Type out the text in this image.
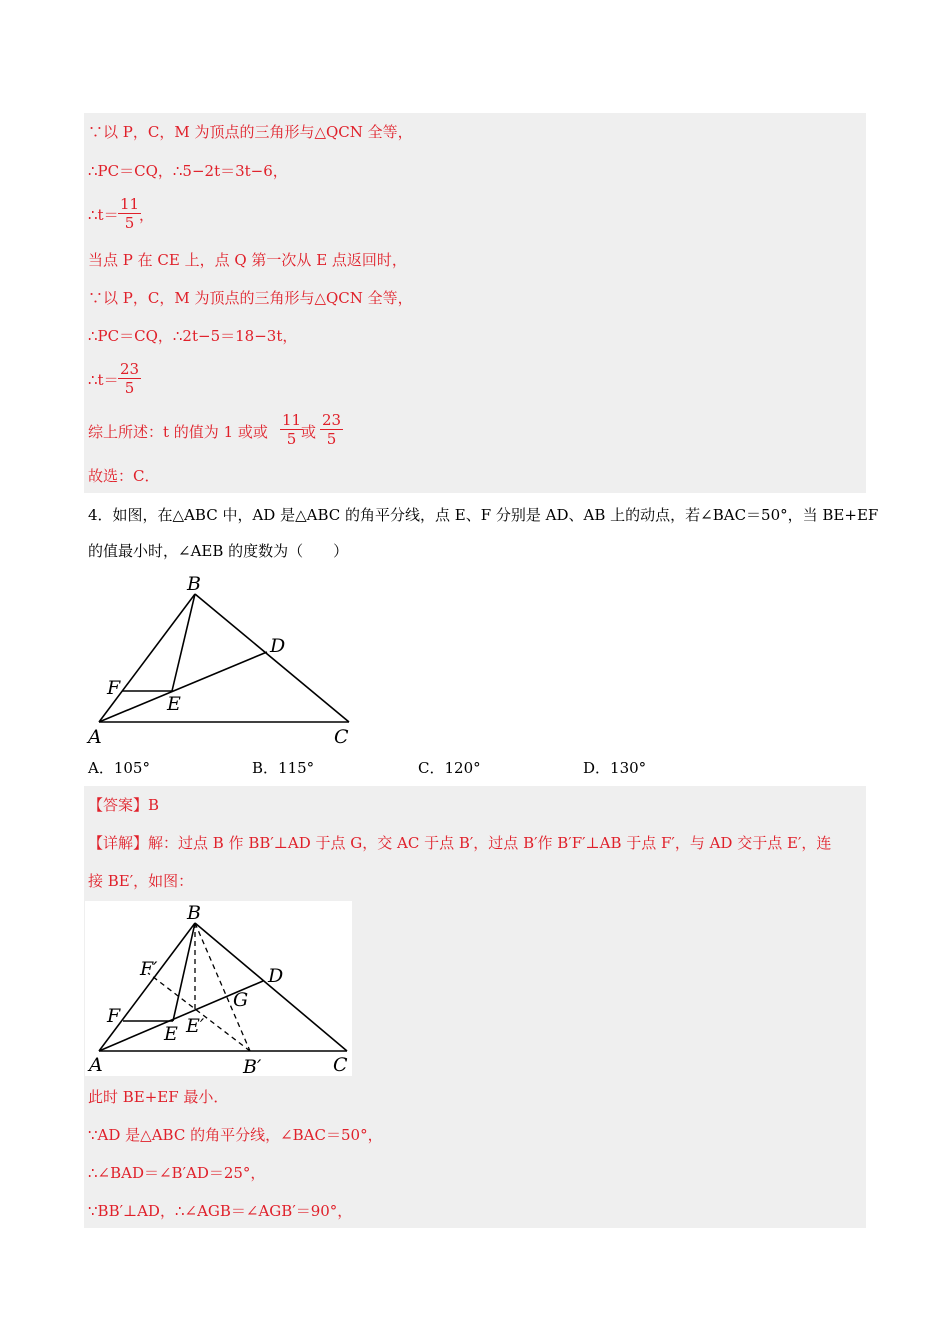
∵以 P，C，M 为顶点的三角形与△QCN 全等，
∴PC＝CQ，∴5−2t＝3t−6，
∴t＝ $\frac{11}{5}$
，
当点 P 在 CE 上，点 Q 第一次从 E 点返回时，
∵以 P，C，M 为顶点的三角形与△QCN 全等，
∴PC＝CQ，∴2t−5＝18−3t，
∴t＝ $\frac{23}{5}$
综上所述：t 的值为 1 或或 $\frac{11}{5}$
或 $\frac{23}{5}$
故选：C．
4．如图，在△ABC 中，AD 是△ABC 的角平分线，点 E、F 分别是 AD、AB 上的动点，若∠BAC＝50°，当 BE+EF
的值最小时，∠AEB 的度数为（　　）
B
D
F
E
A	C
A．105°	B．115°	C．120°	D．130°
【答案】B
【详解】解：过点 B 作 BB′⊥AD 于点 G，交 AC 于点 B′，过点 B′作 B′F′⊥AB 于点 F′，与 AD 交于点 E′，连
接 BE′，如图：
B
F′	D
G
F	E′
E
A	B′	C
此时 BE+EF 最小．
∵AD 是△ABC 的角平分线，∠BAC＝50°，
∴∠BAD＝∠B′AD＝25°，
∵BB′⊥AD，∴∠AGB＝∠AGB′＝90°，
